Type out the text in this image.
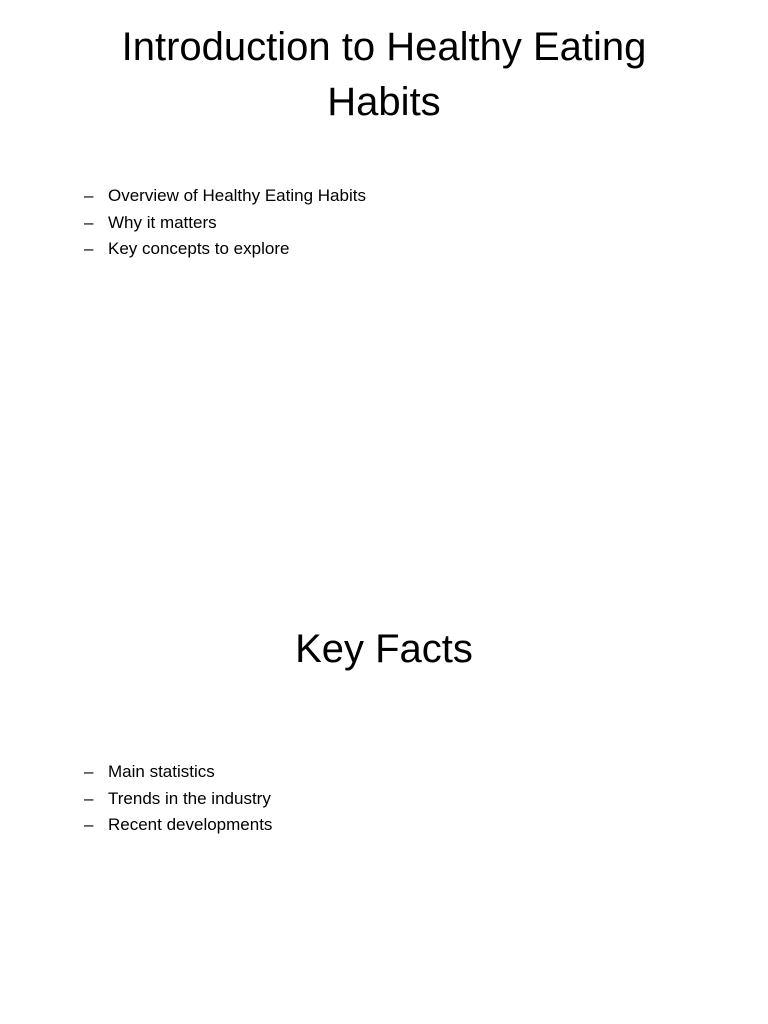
Introduction to Healthy Eating Habits
– Overview of Healthy Eating Habits
– Why it matters
– Key concepts to explore
Key Facts
– Main statistics
– Trends in the industry
– Recent developments
